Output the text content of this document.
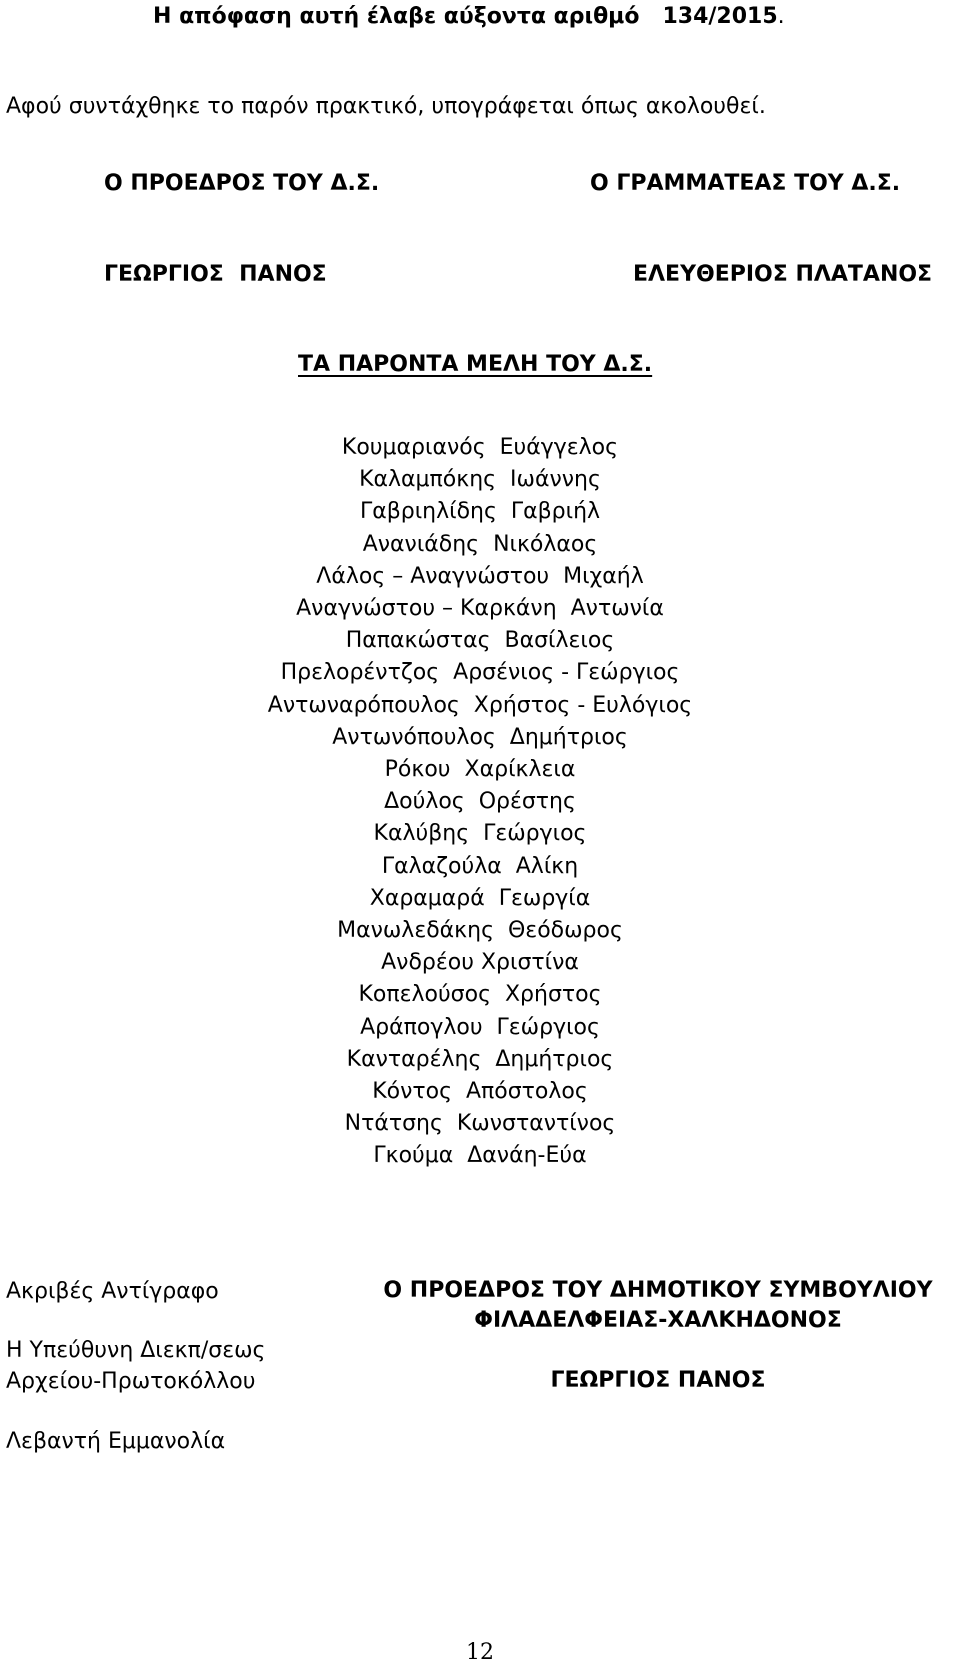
Η απόφαση αυτή έλαβε αύξοντα αριθμό 134/2015.
Αφού συντάχθηκε το παρόν πρακτικό, υπογράφεται όπως ακολουθεί.
Ο ΠΡΟΕΔΡΟΣ ΤΟΥ Δ.Σ.	Ο ΓΡΑΜΜΑΤΕΑΣ ΤΟΥ Δ.Σ.
ΓΕΩΡΓΙΟΣ  ΠΑΝΟΣ	ΕΛΕΥΘΕΡΙΟΣ ΠΛΑΤΑΝΟΣ
ΤΑ ΠΑΡΟΝΤΑ ΜΕΛΗ ΤΟΥ Δ.Σ.
Κουμαριανός  Ευάγγελος
Καλαμπόκης  Ιωάννης
Γαβριηλίδης  Γαβριήλ
Ανανιάδης  Νικόλαος
Λάλος – Αναγνώστου  Μιχαήλ
Αναγνώστου – Καρκάνη  Αντωνία
Παπακώστας  Βασίλειος
Πρελορέντζος  Αρσένιος - Γεώργιος
Αντωναρόπουλος  Χρήστος - Ευλόγιος
Αντωνόπουλος  Δημήτριος
Ρόκου  Χαρίκλεια
Δούλος  Ορέστης
Καλύβης  Γεώργιος
Γαλαζούλα  Αλίκη
Χαραμαρά  Γεωργία
Μανωλεδάκης  Θεόδωρος
Ανδρέου Χριστίνα
Κοπελούσος  Χρήστος
Αράπογλου  Γεώργιος
Κανταρέλης  Δημήτριος
Κόντος  Απόστολος
Ντάτσης  Κωνσταντίνος
Γκούμα  Δανάη-Εύα
Ακριβές Αντίγραφο
Η Υπεύθυνη Διεκπ/σεως
Αρχείου-Πρωτοκόλλου
Λεβαντή Εμμανολία
Ο ΠΡΟΕΔΡΟΣ ΤΟΥ ΔΗΜΟΤΙΚΟΥ ΣΥΜΒΟΥΛΙΟΥ ΦΙΛΑΔΕΛΦΕΙΑΣ-ΧΑΛΚΗΔΟΝΟΣ
ΓΕΩΡΓΙΟΣ ΠΑΝΟΣ
12
